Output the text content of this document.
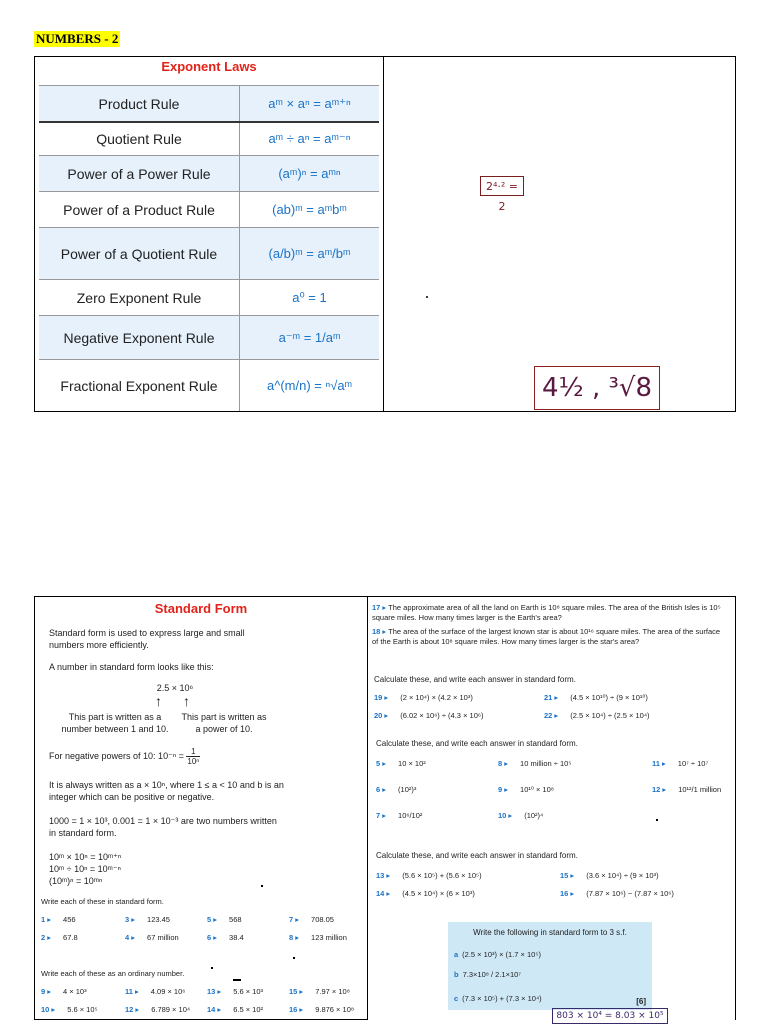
NUMBERS - 2
Exponent Laws
Product Rule	aᵐ × aⁿ = aᵐ⁺ⁿ
Quotient Rule	aᵐ ÷ aⁿ = aᵐ⁻ⁿ
Power of a Power Rule	(aᵐ)ⁿ = aᵐⁿ
Power of a Product Rule	(ab)ᵐ = aᵐbᵐ
Power of a Quotient Rule	(a/b)ᵐ = aᵐ/bᵐ
Zero Exponent Rule	a⁰ = 1
Negative Exponent Rule	a⁻ᵐ = 1/aᵐ
Fractional Exponent Rule	a^(m/n) = ⁿ√aᵐ
2⁴·² = 2
4½ , ³√8
Standard Form
Standard form is used to express large and small numbers more efficiently.
A number in standard form looks like this:
2.5 × 10⁶
↑ ↑
This part is written as a number between 1 and 10.
This part is written as a power of 10.
For negative powers of 10: $10^{-n} = \frac{1}{\text{10ⁿ}}$
It is always written as a × 10ⁿ, where 1 ≤ a < 10 and b is an integer which can be positive or negative.
1000 = 1 × 10³, 0.001 = 1 × 10⁻³ are two numbers written in standard form.
10ᵐ × 10ⁿ = 10ᵐ⁺ⁿ
10ᵐ ÷ 10ⁿ = 10ᵐ⁻ⁿ
(10ᵐ)ⁿ = 10ᵐⁿ
Write each of these in standard form.
1 ▸ 456	3 ▸ 123.45	5 ▸ 568	7 ▸ 708.05
2 ▸ 67.8	4 ▸ 67 million	6 ▸ 38.4	8 ▸ 123 million
Write each of these as an ordinary number.
9 ▸ 4 × 10³	11 ▸ 4.09 × 10⁶	13 ▸ 5.6 × 10³	15 ▸ 7.97 × 10⁸
10 ▸ 5.6 × 10⁵	12 ▸ 6.789 × 10⁴ 14 ▸ 6.5 × 10²	16 ▸ 9.876 × 10⁸
17 ▸ The approximate area of all the land on Earth is 10⁸ square miles. The area of the British Isles is 10⁵ square miles. How many times larger is the Earth's area?
18 ▸ The area of the surface of the largest known star is about 10¹⁶ square miles. The area of the surface of the Earth is about 10⁸ square miles. How many times larger is the star's area?
Calculate these, and write each answer in standard form.
19 ▸ (2 × 10⁴) × (4.2 × 10³)	21 ▸ (4.5 × 10¹⁰) ÷ (9 × 10¹⁰)
20 ▸ (6.02 × 10⁶) ÷ (4.3 × 10⁶)	22 ▸ (2.5 × 10⁴) ÷ (2.5 × 10⁴)
Calculate these, and write each answer in standard form.
5 ▸ 10 × 10²	8 ▸ 10 million ÷ 10⁵	11 ▸ 10⁷ ÷ 10⁷
6 ▸ (10²)³	9 ▸ 10¹⁰ × 10⁸	12 ▸ 10¹²/1 million
7 ▸ 10⁶/10²	10 ▸ (10²)⁴
Calculate these, and write each answer in standard form.
13 ▸ (5.6 × 10⁵) + (5.6 × 10⁵)	15 ▸ (3.6 × 10⁴) ÷ (9 × 10³)
14 ▸ (4.5 × 10⁴) × (6 × 10³)	16 ▸ (7.87 × 10⁶) − (7.87 × 10⁶)
Write the following in standard form to 3 s.f.
a (2.5 × 10³) × (1.7 × 10⁵)
b 7.3×10⁸ / 2.1×10⁷
c (7.3 × 10⁵) + (7.3 × 10⁴)	[6]
803 × 10⁴ = 8.03 × 10⁵
